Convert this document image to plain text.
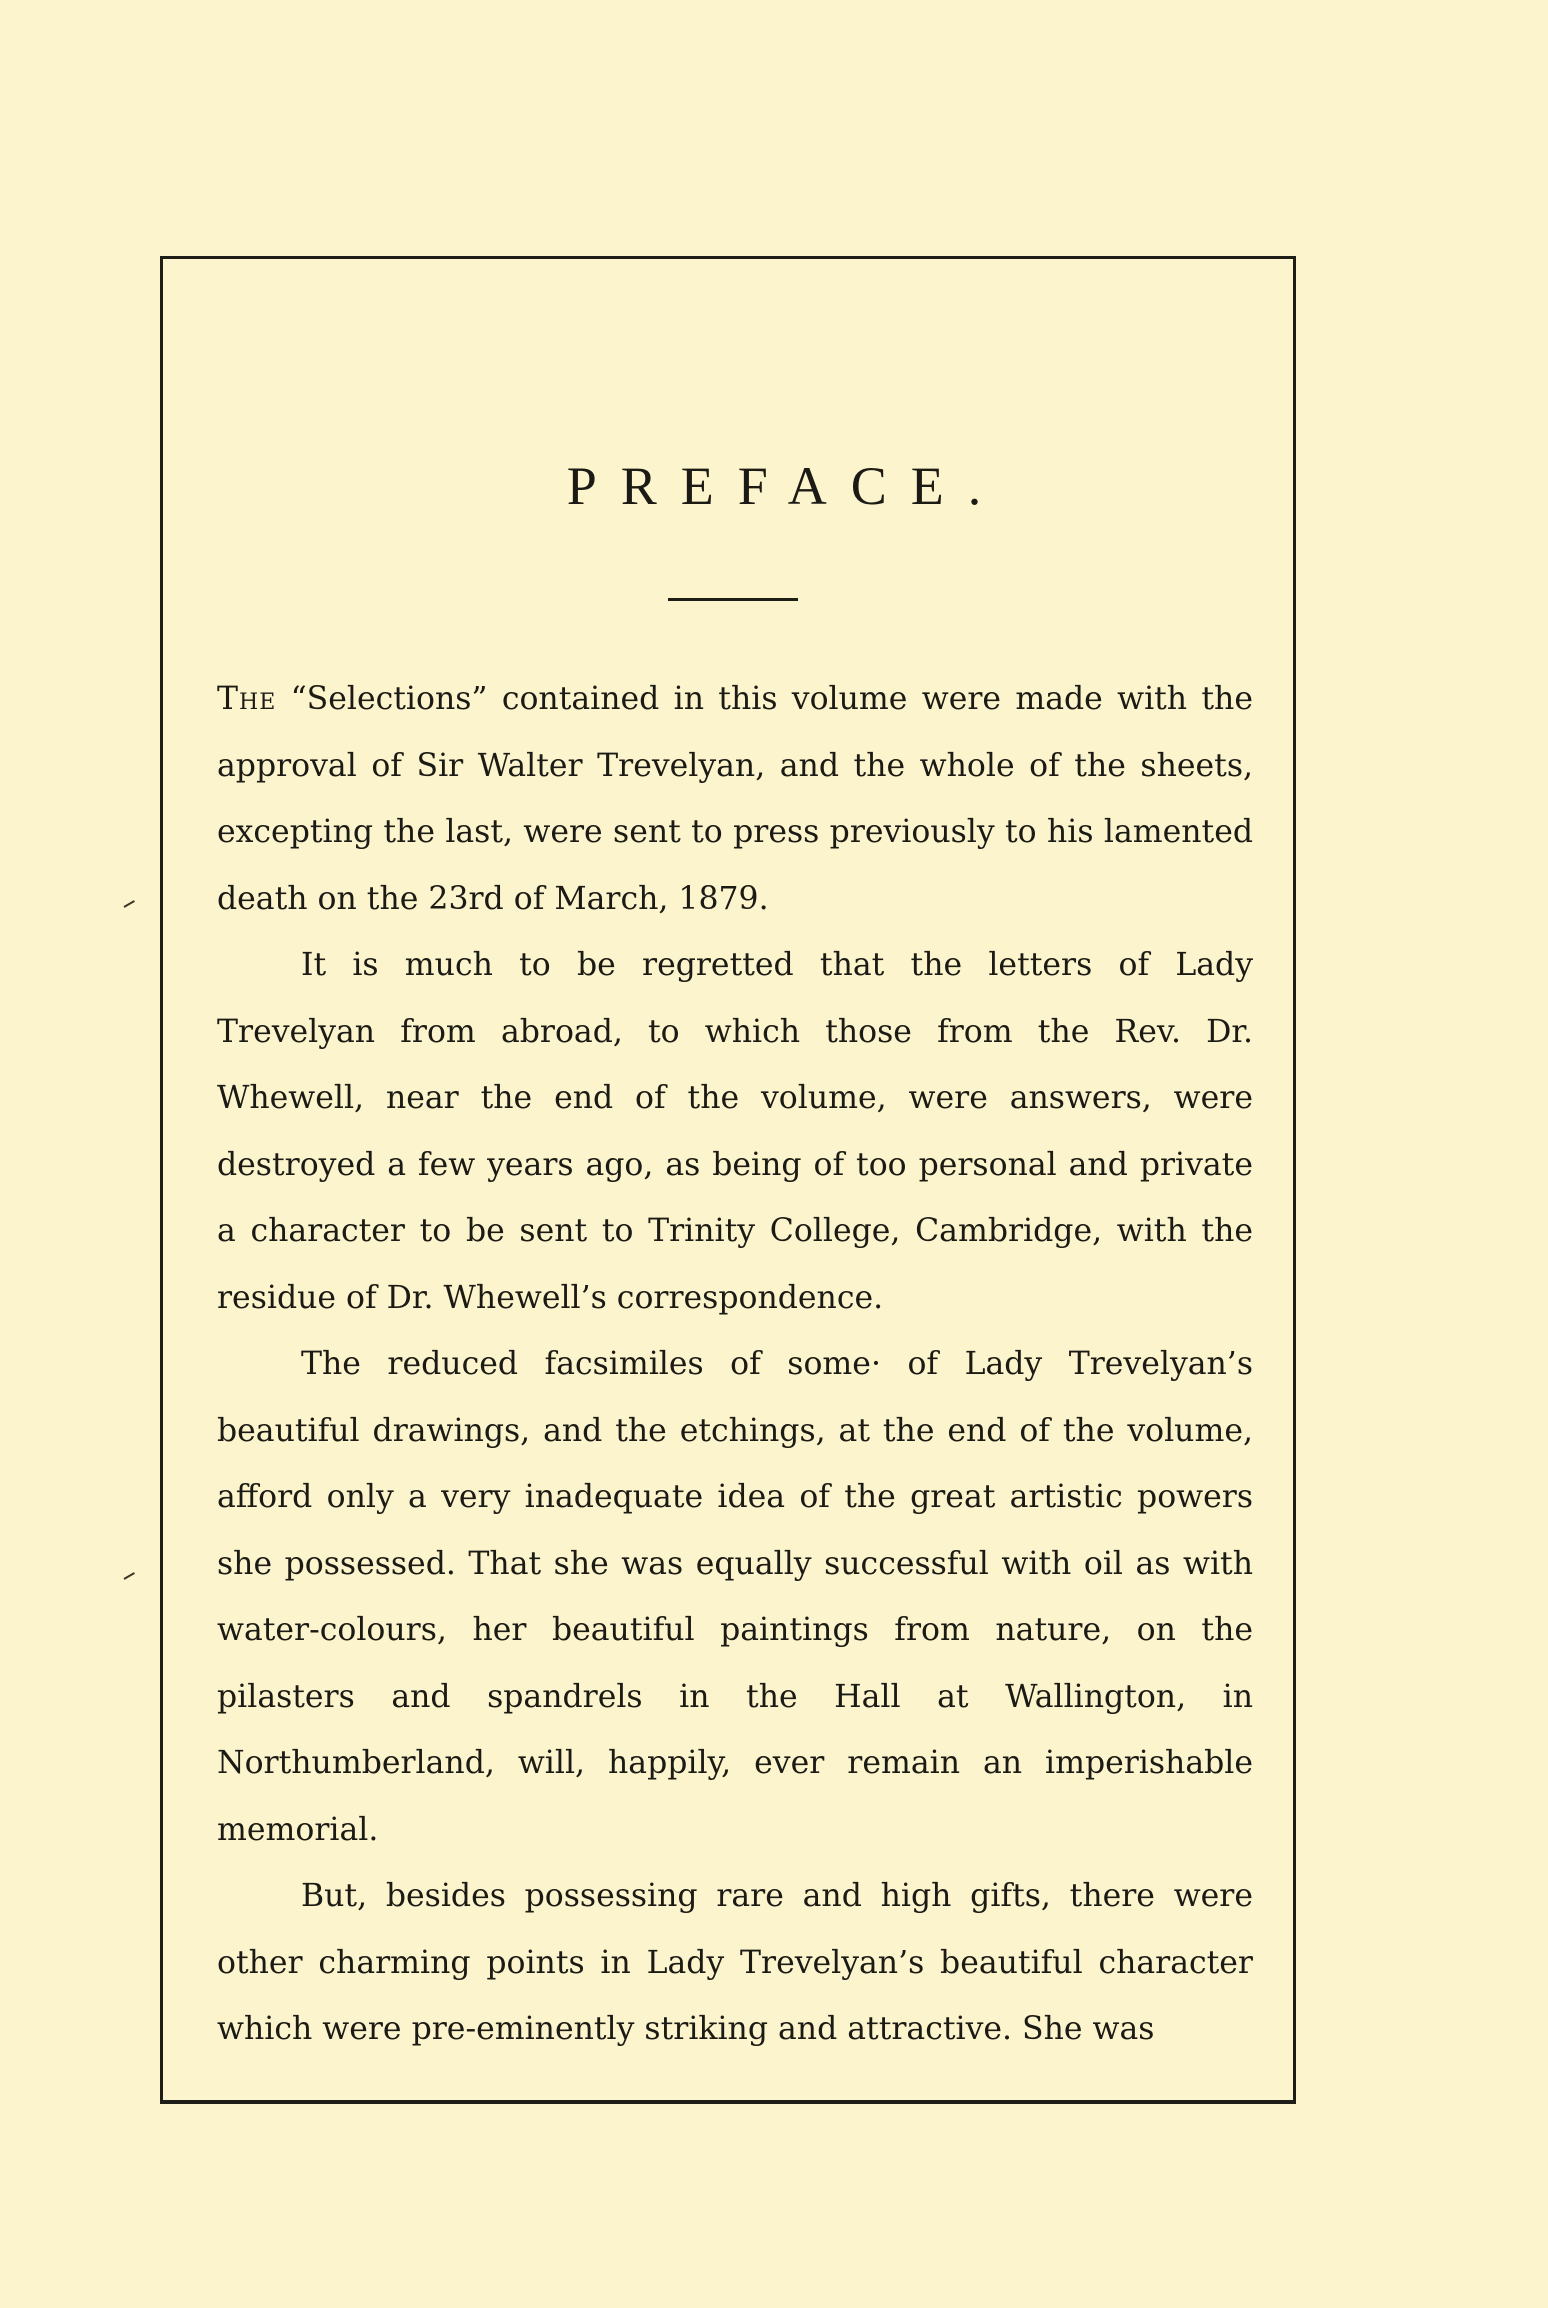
PREFACE.

The “Selections” contained in this volume were made with the approval of Sir Walter Trevelyan, and the whole of the sheets, excepting the last, were sent to press previously to his lamented death on the 23rd of March, 1879.

It is much to be regretted that the letters of Lady Trevelyan from abroad, to which those from the Rev. Dr. Whewell, near the end of the volume, were answers, were destroyed a few years ago, as being of too personal and private a character to be sent to Trinity College, Cambridge, with the residue of Dr. Whewell’s correspondence.

The reduced facsimiles of some· of Lady Trevelyan’s beautiful drawings, and the etchings, at the end of the volume, afford only a very inadequate idea of the great artistic powers she possessed. That she was equally successful with oil as with water-colours, her beautiful paintings from nature, on the pilasters and spandrels in the Hall at Wallington, in Northumberland, will, happily, ever remain an imperishable memorial.

But, besides possessing rare and high gifts, there were other charming points in Lady Trevelyan’s beautiful character which were pre-eminently striking and attractive. She was
